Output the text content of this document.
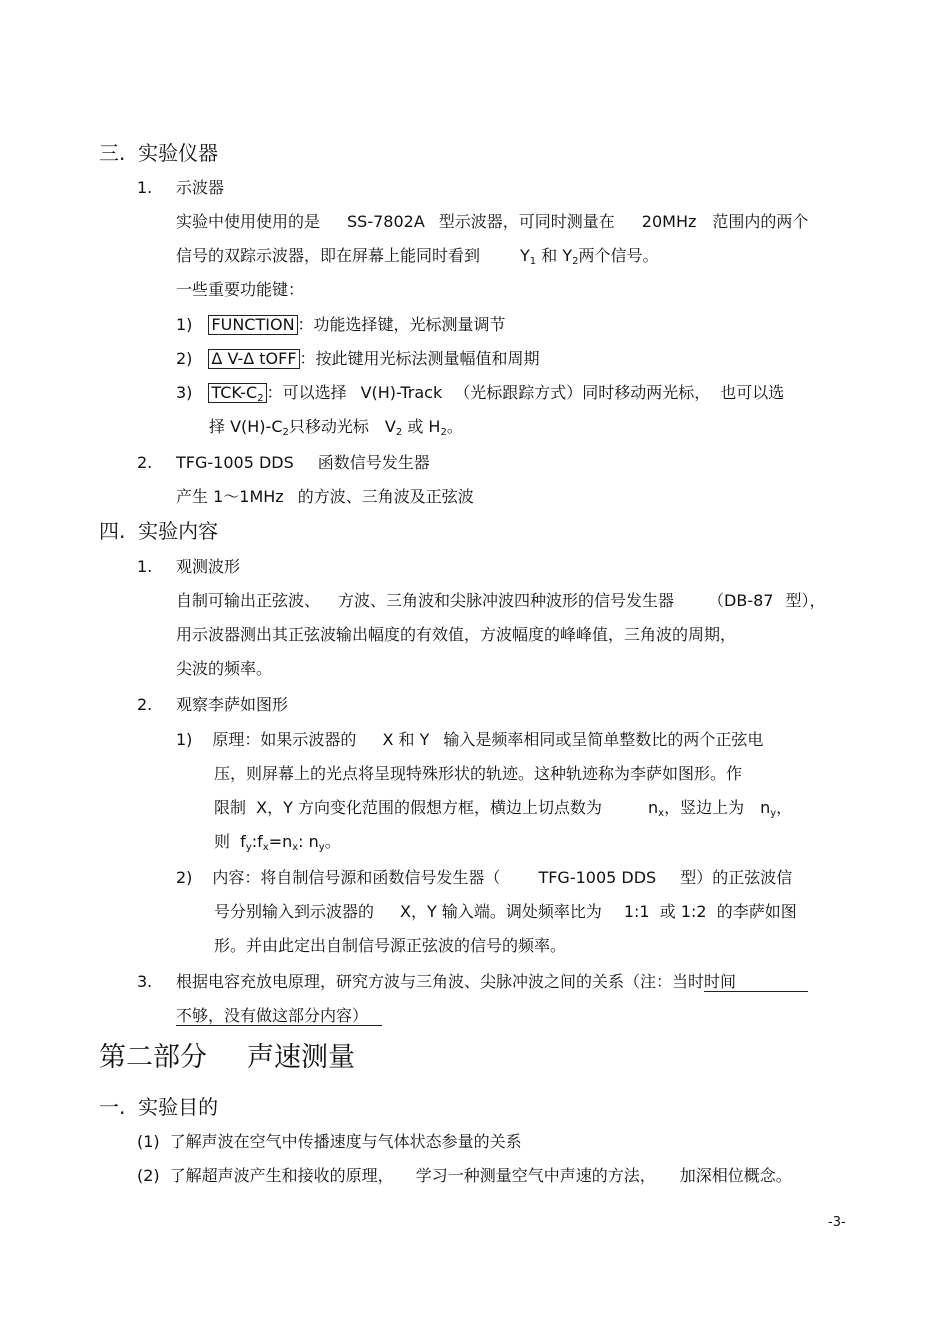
三.  实验仪器
1. 示波器
实验中使用使用的是 SS-7802A 型示波器，可同时测量在 20MHz 范围内的两个
信号的双踪示波器，即在屏幕上能同时看到	$Y_1$ 和 $Y_2$两个信号。
一些重要功能键：
1) FUNCTION ：功能选择键，光标测量调节
2) Δ V-Δ tOFF ：按此键用光标法测量幅值和周期
3) TCK-$C_2$ ：可以选择 V(H)-Track （光标跟踪方式）同时移动两光标， 也可以选
择 $V(H)-C_2$只移动光标 $V_2$ 或 $H_2$。
2. TFG-1005 DDS 函数信号发生器
产生 1～1MHz 的方波、三角波及正弦波
四.  实验内容
1. 观测波形
自制可输出正弦波、 方波、三角波和尖脉冲波四种波形的信号发生器 （DB-87 型），
用示波器测出其正弦波输出幅度的有效值，方波幅度的峰峰值，三角波的周期，
尖波的频率。
2. 观察李萨如图形
1) 原理：如果示波器的 X 和 Y 输入是频率相同或呈简单整数比的两个正弦电
压，则屏幕上的光点将呈现特殊形状的轨迹。这种轨迹称为李萨如图形。作
限制  X，Y 方向变化范围的假想方框，横边上切点数为	$n_x$，竖边上为 $n_y$，
则  $f_y:f_x=n_x$: $n_y$。
2) 内容：将自制信号源和函数信号发生器（ TFG-1005 DDS 型）的正弦波信
号分别输入到示波器的 X，Y 输入端。调处频率比为 1:1  或 1:2  的李萨如图
形。并由此定出自制信号源正弦波的信号的频率。
3. 根据电容充放电原理，研究方波与三角波、尖脉冲波之间的关系（注：当时时间
不够，没有做这部分内容）
第二部分 声速测量
一.  实验目的
(1) 了解声波在空气中传播速度与气体状态参量的关系
(2) 了解超声波产生和接收的原理， 学习一种测量空气中声速的方法， 加深相位概念。
-3-
